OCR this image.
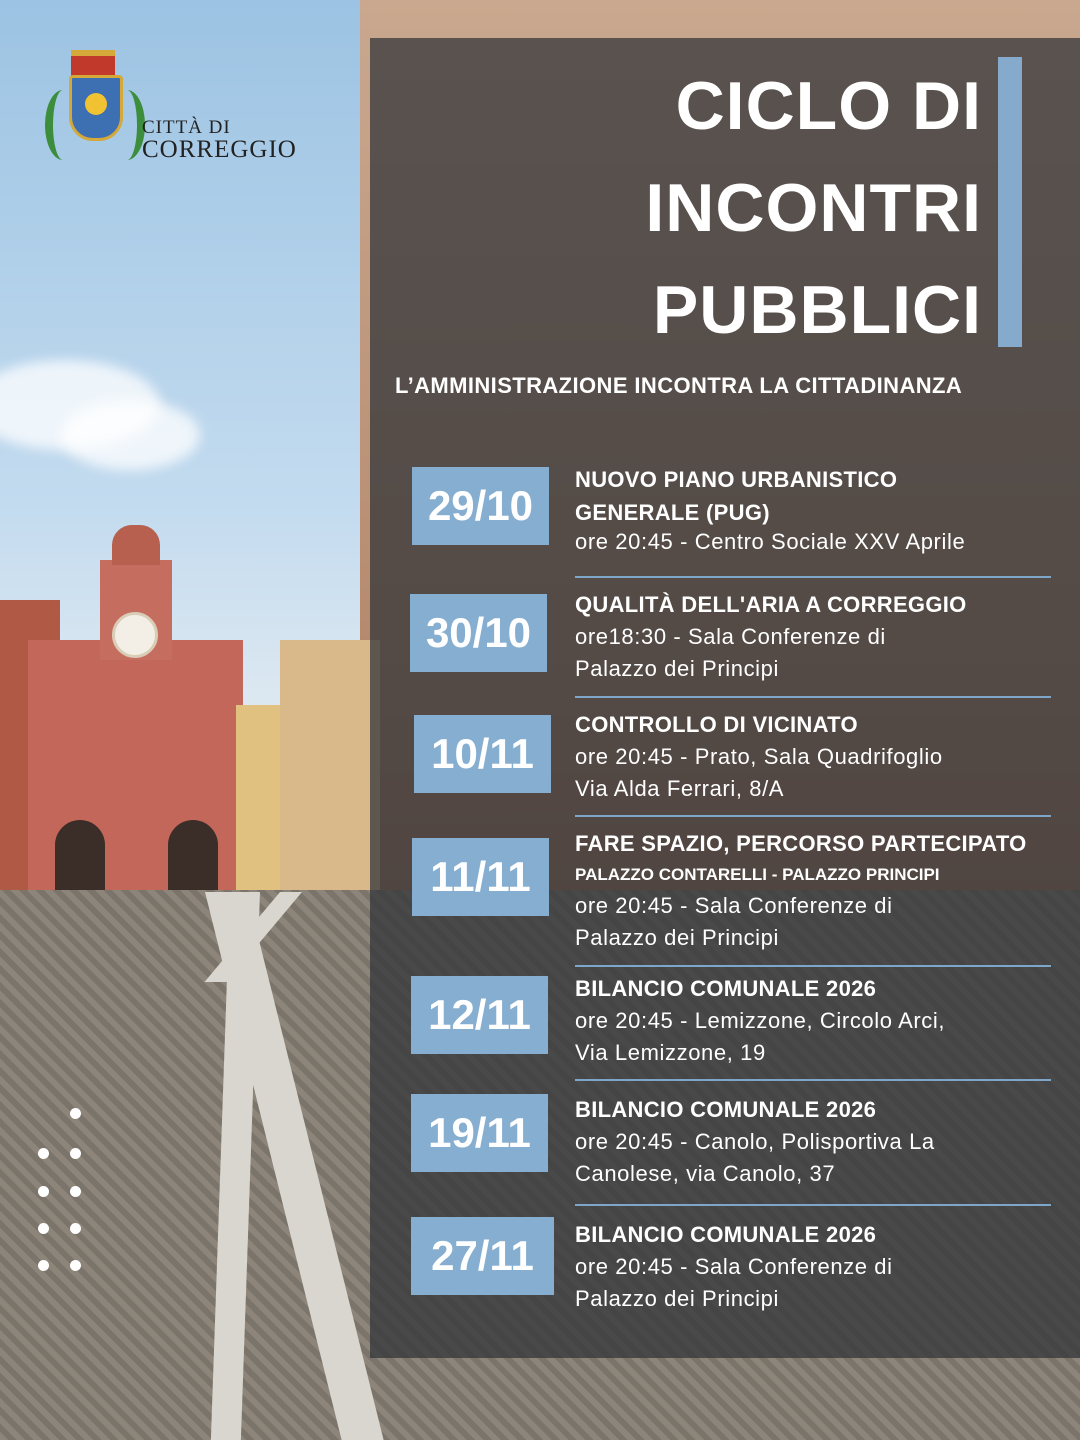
CITTÀ DI
CORREGGIO
CICLO DI
INCONTRI
PUBBLICI
L’AMMINISTRAZIONE INCONTRA LA CITTADINANZA
29/10
NUOVO PIANO URBANISTICO
GENERALE (PUG)
ore 20:45 - Centro Sociale XXV Aprile
30/10
QUALITÀ DELL'ARIA A CORREGGIO
ore18:30 - Sala Conferenze di
Palazzo dei Principi
10/11
CONTROLLO DI VICINATO
ore 20:45 - Prato, Sala Quadrifoglio
Via Alda Ferrari, 8/A
11/11
FARE SPAZIO, PERCORSO PARTECIPATO
PALAZZO CONTARELLI - PALAZZO PRINCIPI
ore 20:45 - Sala Conferenze di
Palazzo dei Principi
12/11
BILANCIO COMUNALE 2026
ore 20:45 - Lemizzone, Circolo Arci,
Via Lemizzone, 19
19/11	BILANCIO COMUNALE 2026
ore 20:45 - Canolo, Polisportiva La
Canolese, via Canolo, 37
27/11	BILANCIO COMUNALE 2026
ore 20:45 - Sala Conferenze di
Palazzo dei Principi
